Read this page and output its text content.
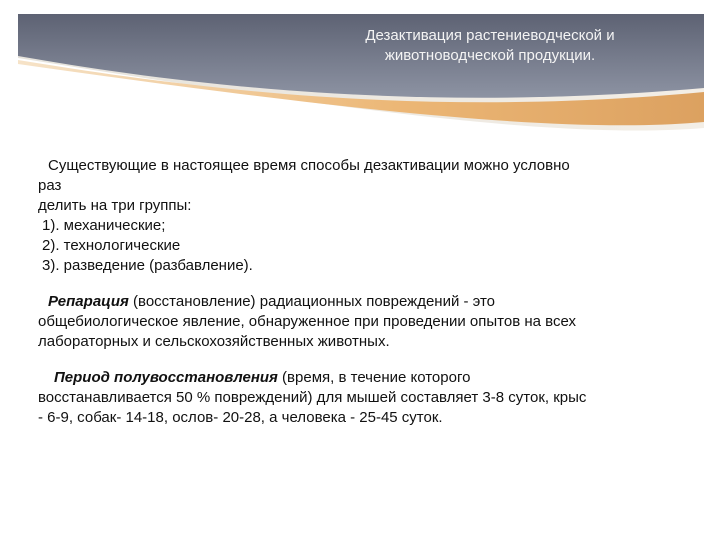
Дезактивация растениеводческой и
животноводческой продукции.
Существующие в настоящее время способы дезактивации можно условно
раз
делить на три группы:
1). механические;
2). технологические
3). разведение (разбавление).
Репарация (восстановление) радиационных повреждений - это
общебиологическое явление, обнаруженное при проведении опытов на всех
лабораторных и сельскохозяйственных животных.
Период полувосстановления (время, в течение которого
восстанавливается 50 % повреждений) для мышей составляет 3-8 суток, крыс
- 6-9, собак- 14-18, ослов- 20-28, а человека - 25-45 суток.
